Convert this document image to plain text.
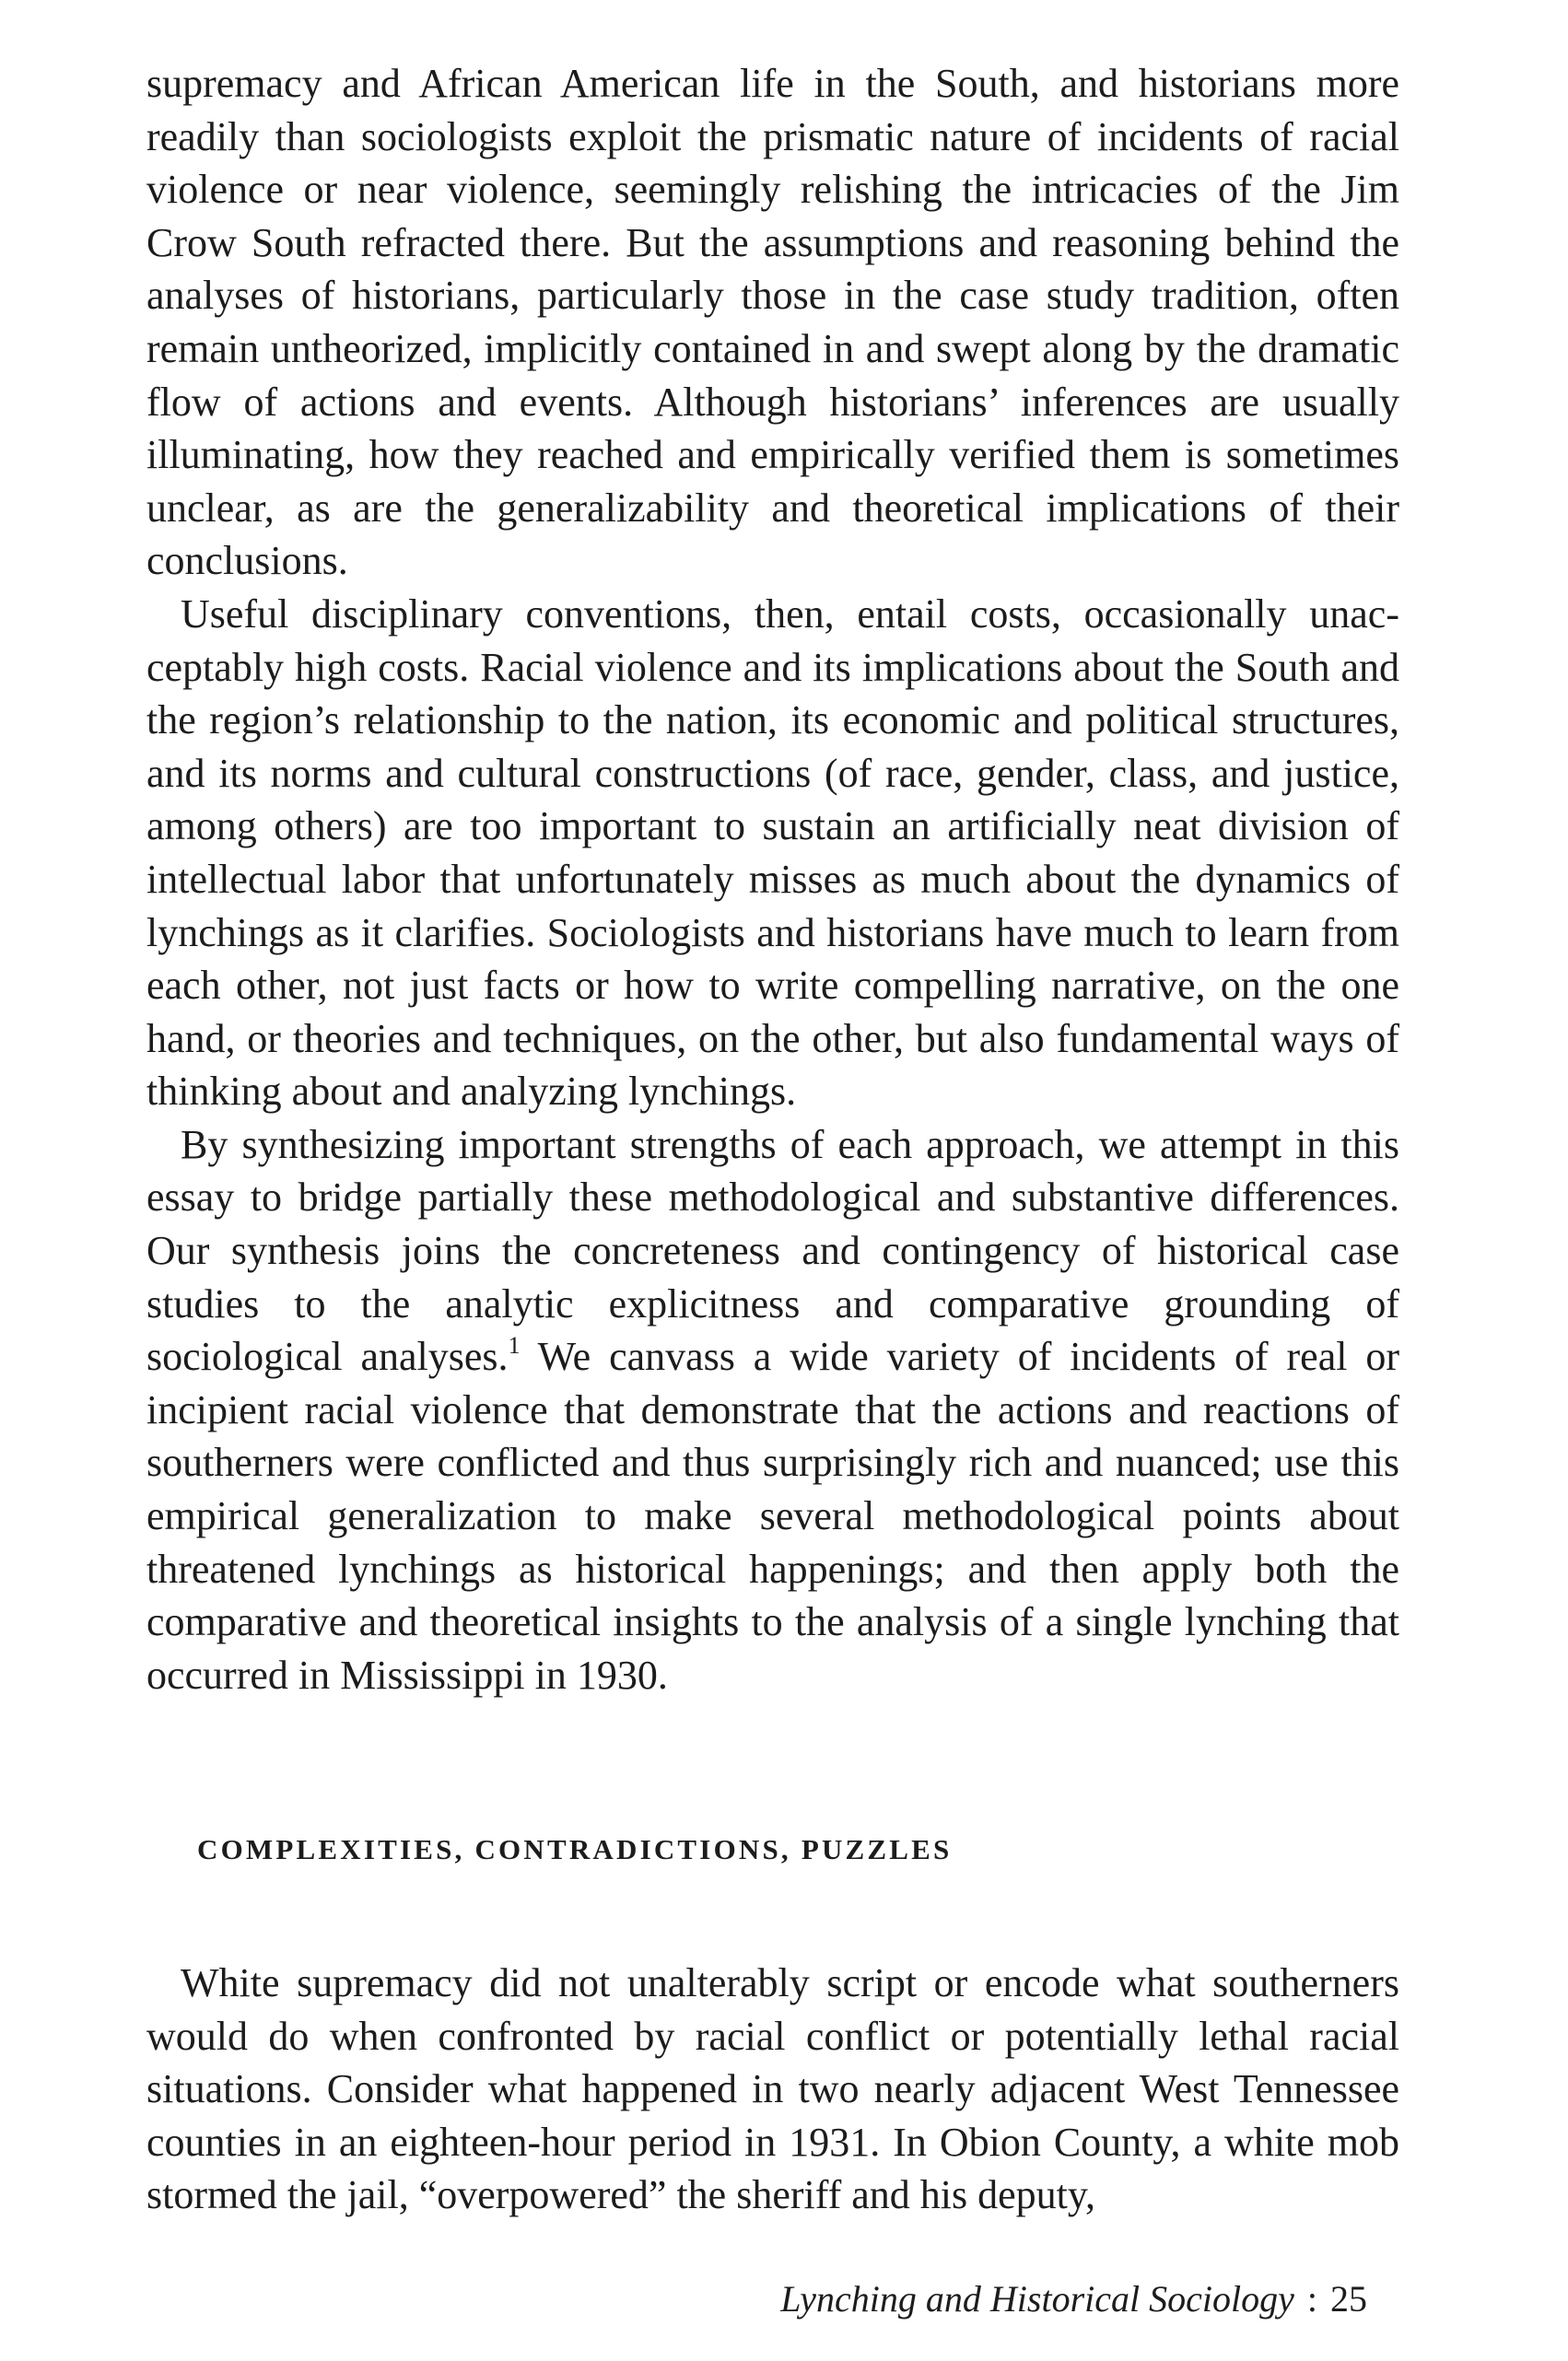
supremacy and African American life in the South, and historians more readily than sociologists exploit the prismatic nature of incidents of racial violence or near violence, seemingly relishing the intricacies of the Jim Crow South refracted there. But the assumptions and reasoning behind the analyses of historians, particularly those in the case study tradition, often remain untheorized, implicitly contained in and swept along by the dramatic flow of actions and events. Although historians’ inferences are usually illuminating, how they reached and empirically verified them is sometimes unclear, as are the generalizability and theoretical implications of their conclusions.

Useful disciplinary conventions, then, entail costs, occasionally unacceptably high costs. Racial violence and its implications about the South and the region’s relationship to the nation, its economic and political structures, and its norms and cultural constructions (of race, gender, class, and justice, among others) are too important to sustain an artificially neat division of intellectual labor that unfortunately misses as much about the dynamics of lynchings as it clarifies. Sociologists and historians have much to learn from each other, not just facts or how to write compelling narrative, on the one hand, or theories and techniques, on the other, but also fundamental ways of thinking about and analyzing lynchings.

By synthesizing important strengths of each approach, we attempt in this essay to bridge partially these methodological and substantive differences. Our synthesis joins the concreteness and contingency of historical case studies to the analytic explicitness and comparative grounding of sociological analyses.$^1$ We canvass a wide variety of incidents of real or incipient racial violence that demonstrate that the actions and reactions of southerners were conflicted and thus surprisingly rich and nuanced; use this empirical generalization to make several methodological points about threatened lynchings as historical happenings; and then apply both the comparative and theoretical insights to the analysis of a single lynching that occurred in Mississippi in 1930.

COMPLEXITIES, CONTRADICTIONS, PUZZLES

White supremacy did not unalterably script or encode what southerners would do when confronted by racial conflict or potentially lethal racial situations. Consider what happened in two nearly adjacent West Tennessee counties in an eighteen-hour period in 1931. In Obion County, a white mob stormed the jail, “overpowered” the sheriff and his deputy,

Lynching and Historical Sociology : 25
